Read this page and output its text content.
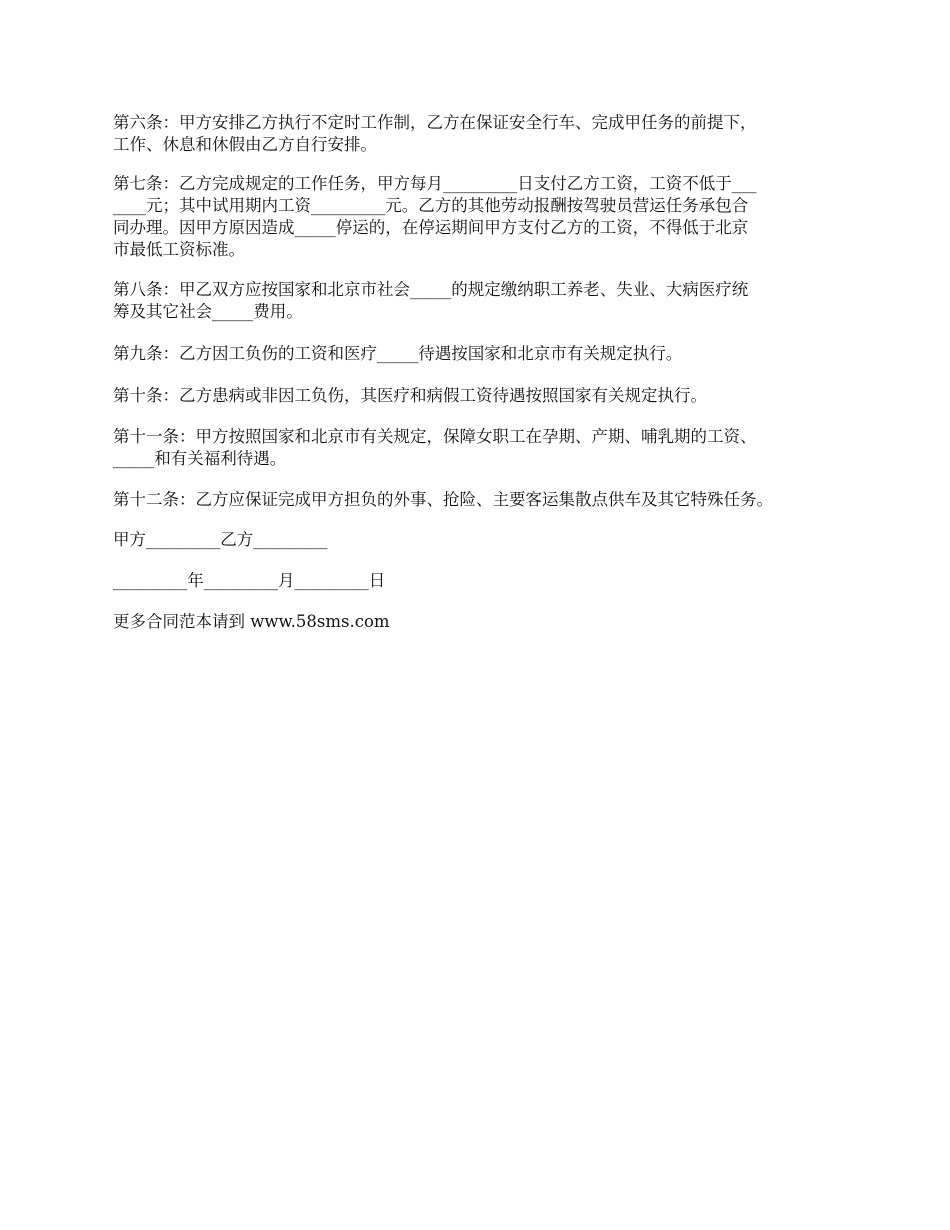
第六条：甲方安排乙方执行不定时工作制，乙方在保证安全行车、完成甲任务的前提下，
工作、休息和休假由乙方自行安排。

第七条：乙方完成规定的工作任务，甲方每月_________日支付乙方工资，工资不低于___
____元；其中试用期内工资_________元。乙方的其他劳动报酬按驾驶员营运任务承包合
同办理。因甲方原因造成_____停运的，在停运期间甲方支付乙方的工资，不得低于北京
市最低工资标准。

第八条：甲乙双方应按国家和北京市社会_____的规定缴纳职工养老、失业、大病医疗统
筹及其它社会_____费用。

第九条：乙方因工负伤的工资和医疗_____待遇按国家和北京市有关规定执行。

第十条：乙方患病或非因工负伤，其医疗和病假工资待遇按照国家有关规定执行。

第十一条：甲方按照国家和北京市有关规定，保障女职工在孕期、产期、哺乳期的工资、
_____和有关福利待遇。

第十二条：乙方应保证完成甲方担负的外事、抢险、主要客运集散点供车及其它特殊任务。

甲方_________乙方_________

_________年_________月_________日

更多合同范本请到 www.58sms.com
